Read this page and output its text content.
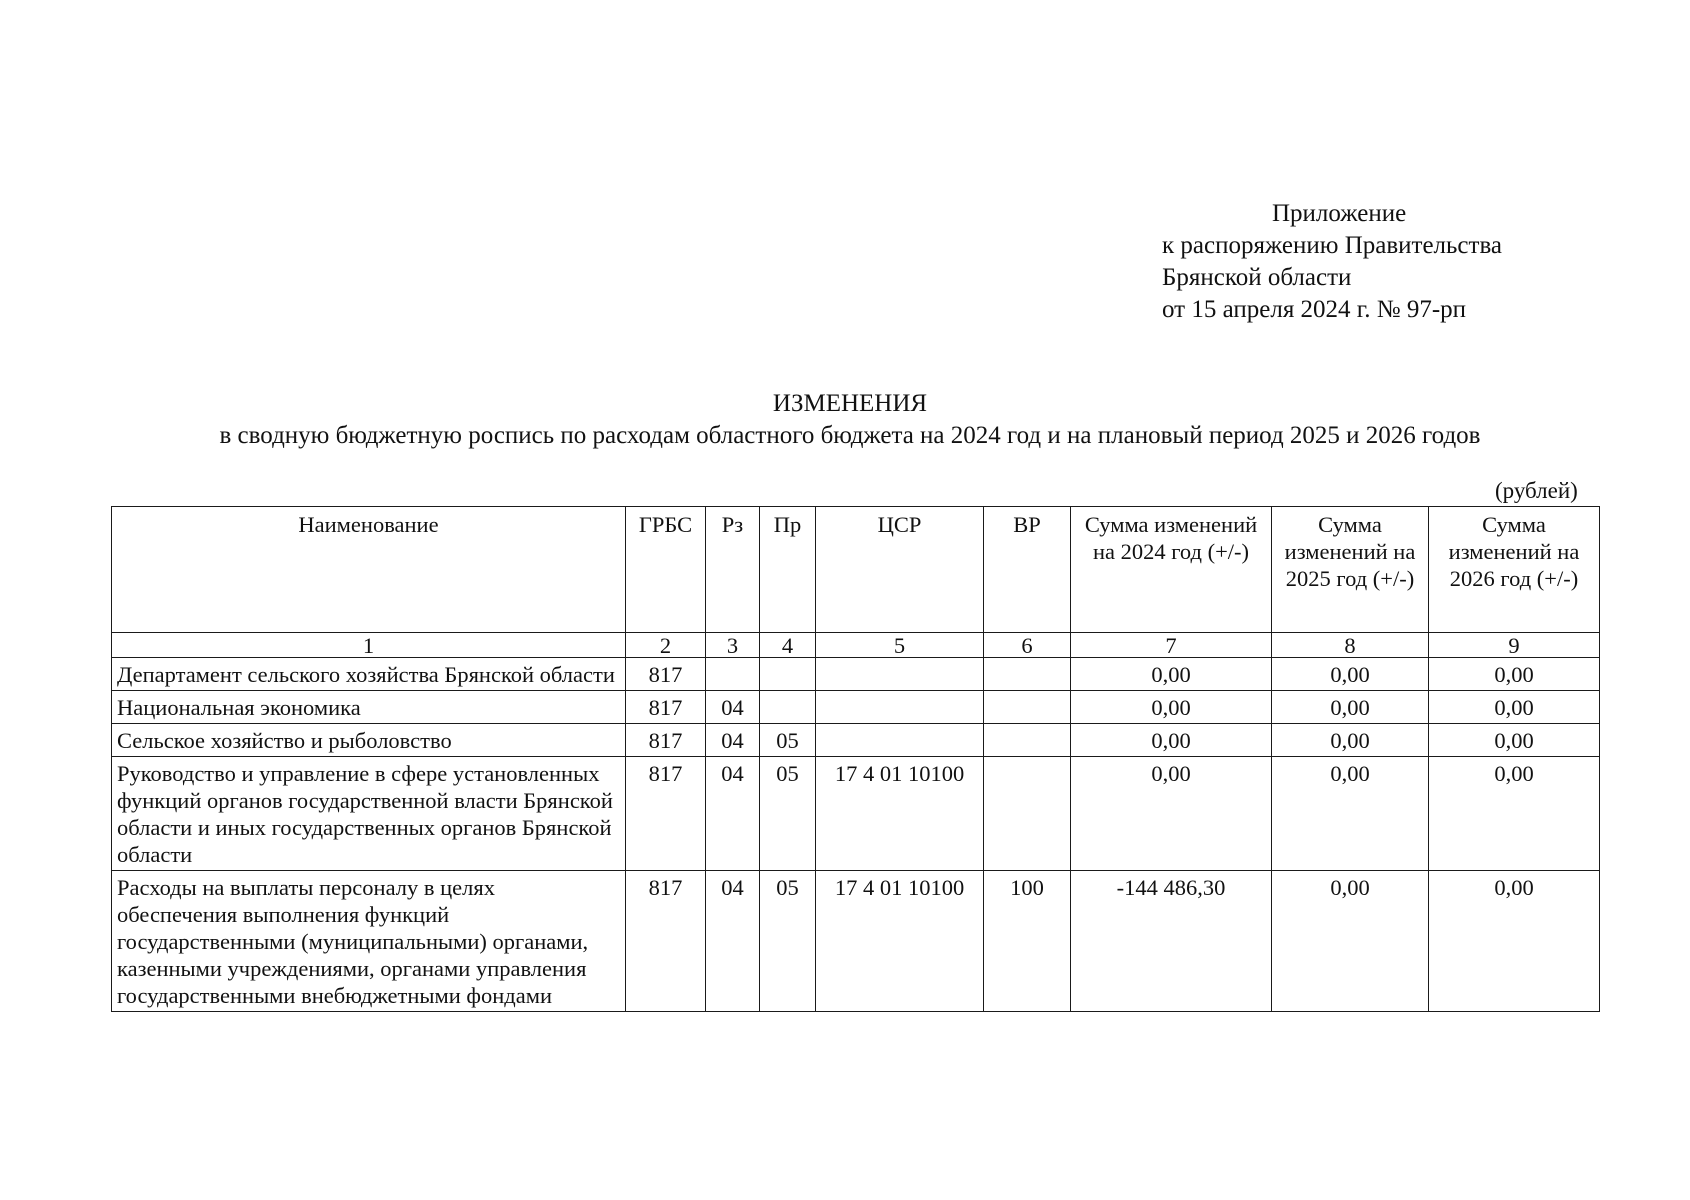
Приложение
к распоряжению Правительства
Брянской области
от 15 апреля 2024 г. № 97-рп
ИЗМЕНЕНИЯ
в сводную бюджетную роспись по расходам областного бюджета на 2024 год и на плановый период 2025 и 2026 годов
(рублей)
Наименование	ГРБС	Рз	Пр	ЦСР	ВР	Сумма изменений на 2024 год (+/-)	Сумма изменений на 2025 год (+/-)	Сумма изменений на 2026 год (+/-)
1	2	3	4	5	6	7	8	9
Департамент сельского хозяйства Брянской области	817					0,00	0,00	0,00
Национальная экономика	817	04				0,00	0,00	0,00
Сельское хозяйство и рыболовство	817	04	05			0,00	0,00	0,00
Руководство и управление в сфере установленных функций органов государственной власти Брянской области и иных государственных органов Брянской области	817	04	05	17 4 01 10100		0,00	0,00	0,00
Расходы на выплаты персоналу в целях обеспечения выполнения функций государственными (муниципальными) органами, казенными учреждениями, органами управления государственными внебюджетными фондами	817	04	05	17 4 01 10100	100	-144 486,30	0,00	0,00
